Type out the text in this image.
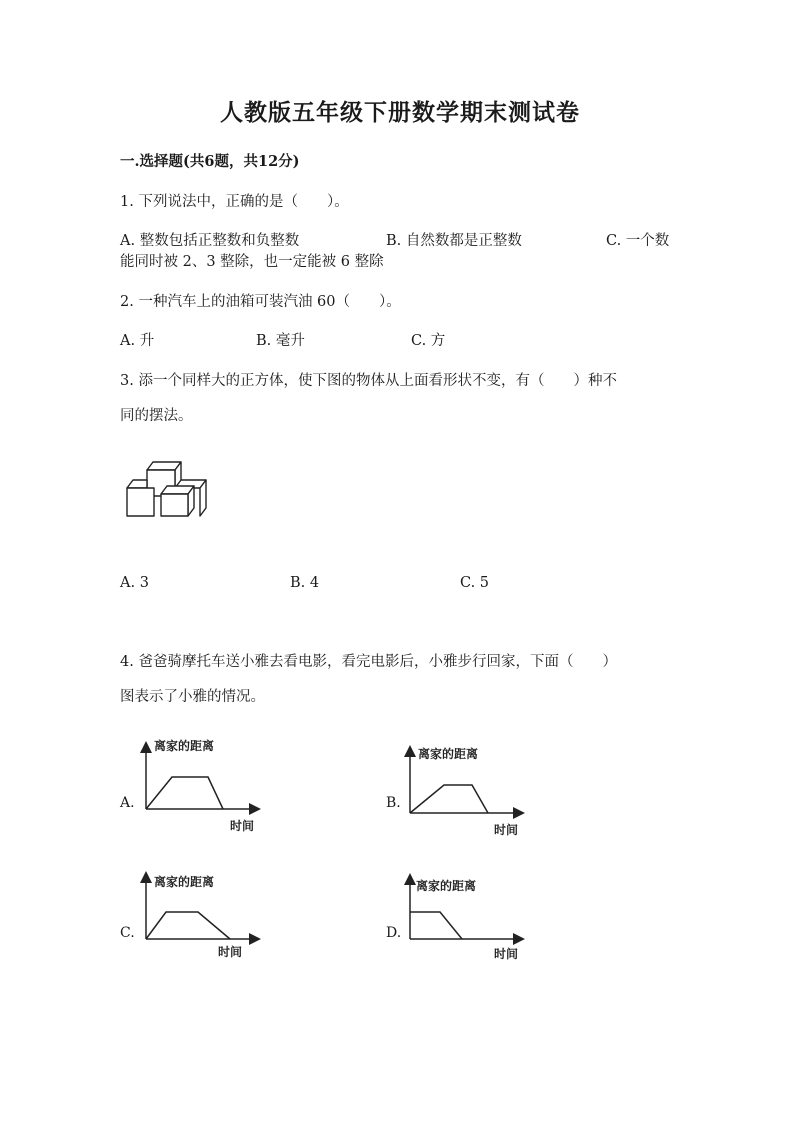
人教版五年级下册数学期末测试卷
一.选择题(共6题，共12分)
1. 下列说法中，正确的是（　　）。
A. 整数包括正整数和负整数	B. 自然数都是正整数	C. 一个数
能同时被 2、3 整除，也一定能被 6 整除
2. 一种汽车上的油箱可装汽油 60（　　）。
A. 升	B. 毫升	C. 方
3. 添一个同样大的正方体，使下图的物体从上面看形状不变，有（　　）种不
同的摆法。
A. 3	B. 4	C. 5
4. 爸爸骑摩托车送小雅去看电影，看完电影后，小雅步行回家，下面（　　）
图表示了小雅的情况。
A.
离家的距离
时间
B.
离家的距离
时间
C.
离家的距离
时间
D.
离家的距离
时间
